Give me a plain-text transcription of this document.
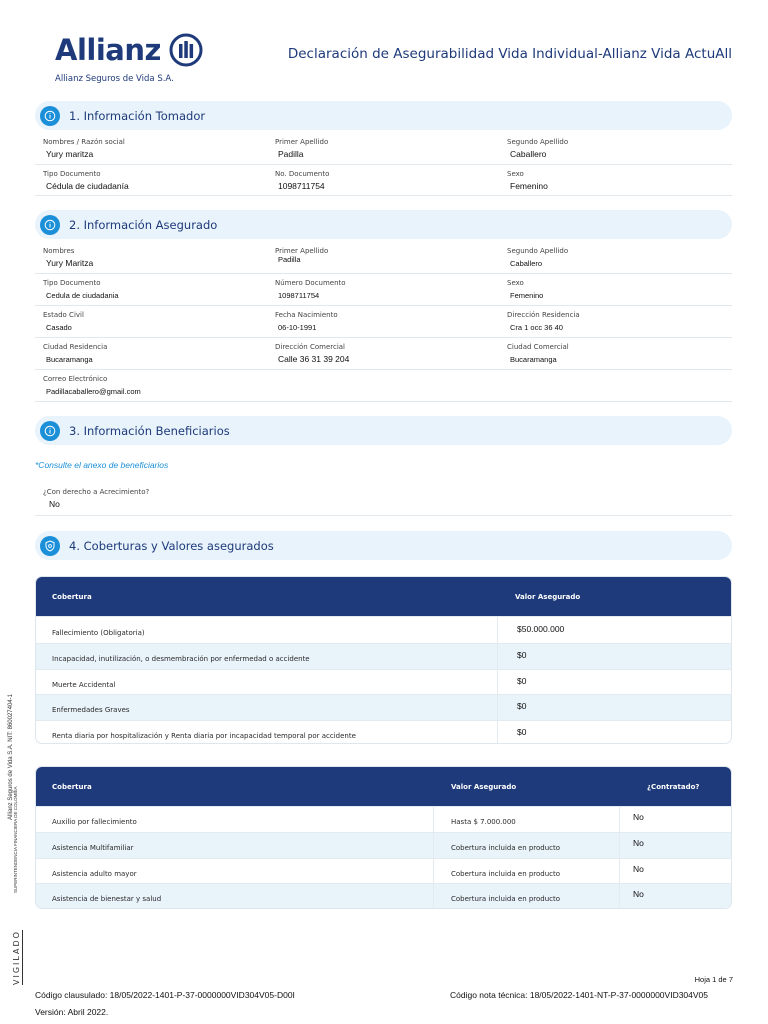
Allianz
Allianz Seguros de Vida S.A.
Declaración de Asegurabilidad Vida Individual-Allianz Vida ActuAll
1. Información Tomador
Nombres / Razón social
Yury maritza
Primer Apellido
Padilla
Segundo Apellido
Caballero
Tipo Documento
Cédula de ciudadanía
No. Documento
1098711754
Sexo
Femenino
2. Información Asegurado
Nombres
Yury Maritza
Primer Apellido
Padilla
Segundo Apellido
Caballero
Tipo Documento
Cedula de ciudadania
Número Documento
1098711754
Sexo
Femenino
Estado Civil
Casado
Fecha Nacimiento
06-10-1991
Dirección Residencia
Cra 1 occ 36 40
Ciudad Residencia
Bucaramanga
Dirección Comercial
Calle 36 31 39 204
Ciudad Comercial
Bucaramanga
Correo Electrónico
Padillacaballero@gmail.com
3. Información Beneficiarios
*Consulte el anexo de beneficiarios
¿Con derecho a Acrecimiento?
No
4. Coberturas y Valores asegurados
Cobertura	Valor Asegurado
Fallecimiento (Obligatoria)	$50.000.000
Incapacidad, inutilización, o desmembración por enfermedad o accidente	$0
Muerte Accidental	$0
Enfermedades Graves	$0
Renta diaria por hospitalización y Renta diaria por incapacidad temporal por accidente	$0
Cobertura	Valor Asegurado	¿Contratado?
Auxilio por fallecimiento	Hasta $ 7.000.000	No
Asistencia Multifamiliar	Cobertura incluida en producto	No
Asistencia adulto mayor	Cobertura incluida en producto	No
Asistencia de bienestar y salud	Cobertura incluida en producto	No
Allianz Seguros de Vida S.A. NIT: 860027404-1
SUPERINTENDENCIA FINANCIERA DE COLOMBIA
VIGILADO	Hoja 1 de 7
Código clausulado: 18/05/2022-1401-P-37-0000000VID304V05-D00I	Código nota técnica: 18/05/2022-1401-NT-P-37-0000000VID304V05
Versión: Abril 2022.
